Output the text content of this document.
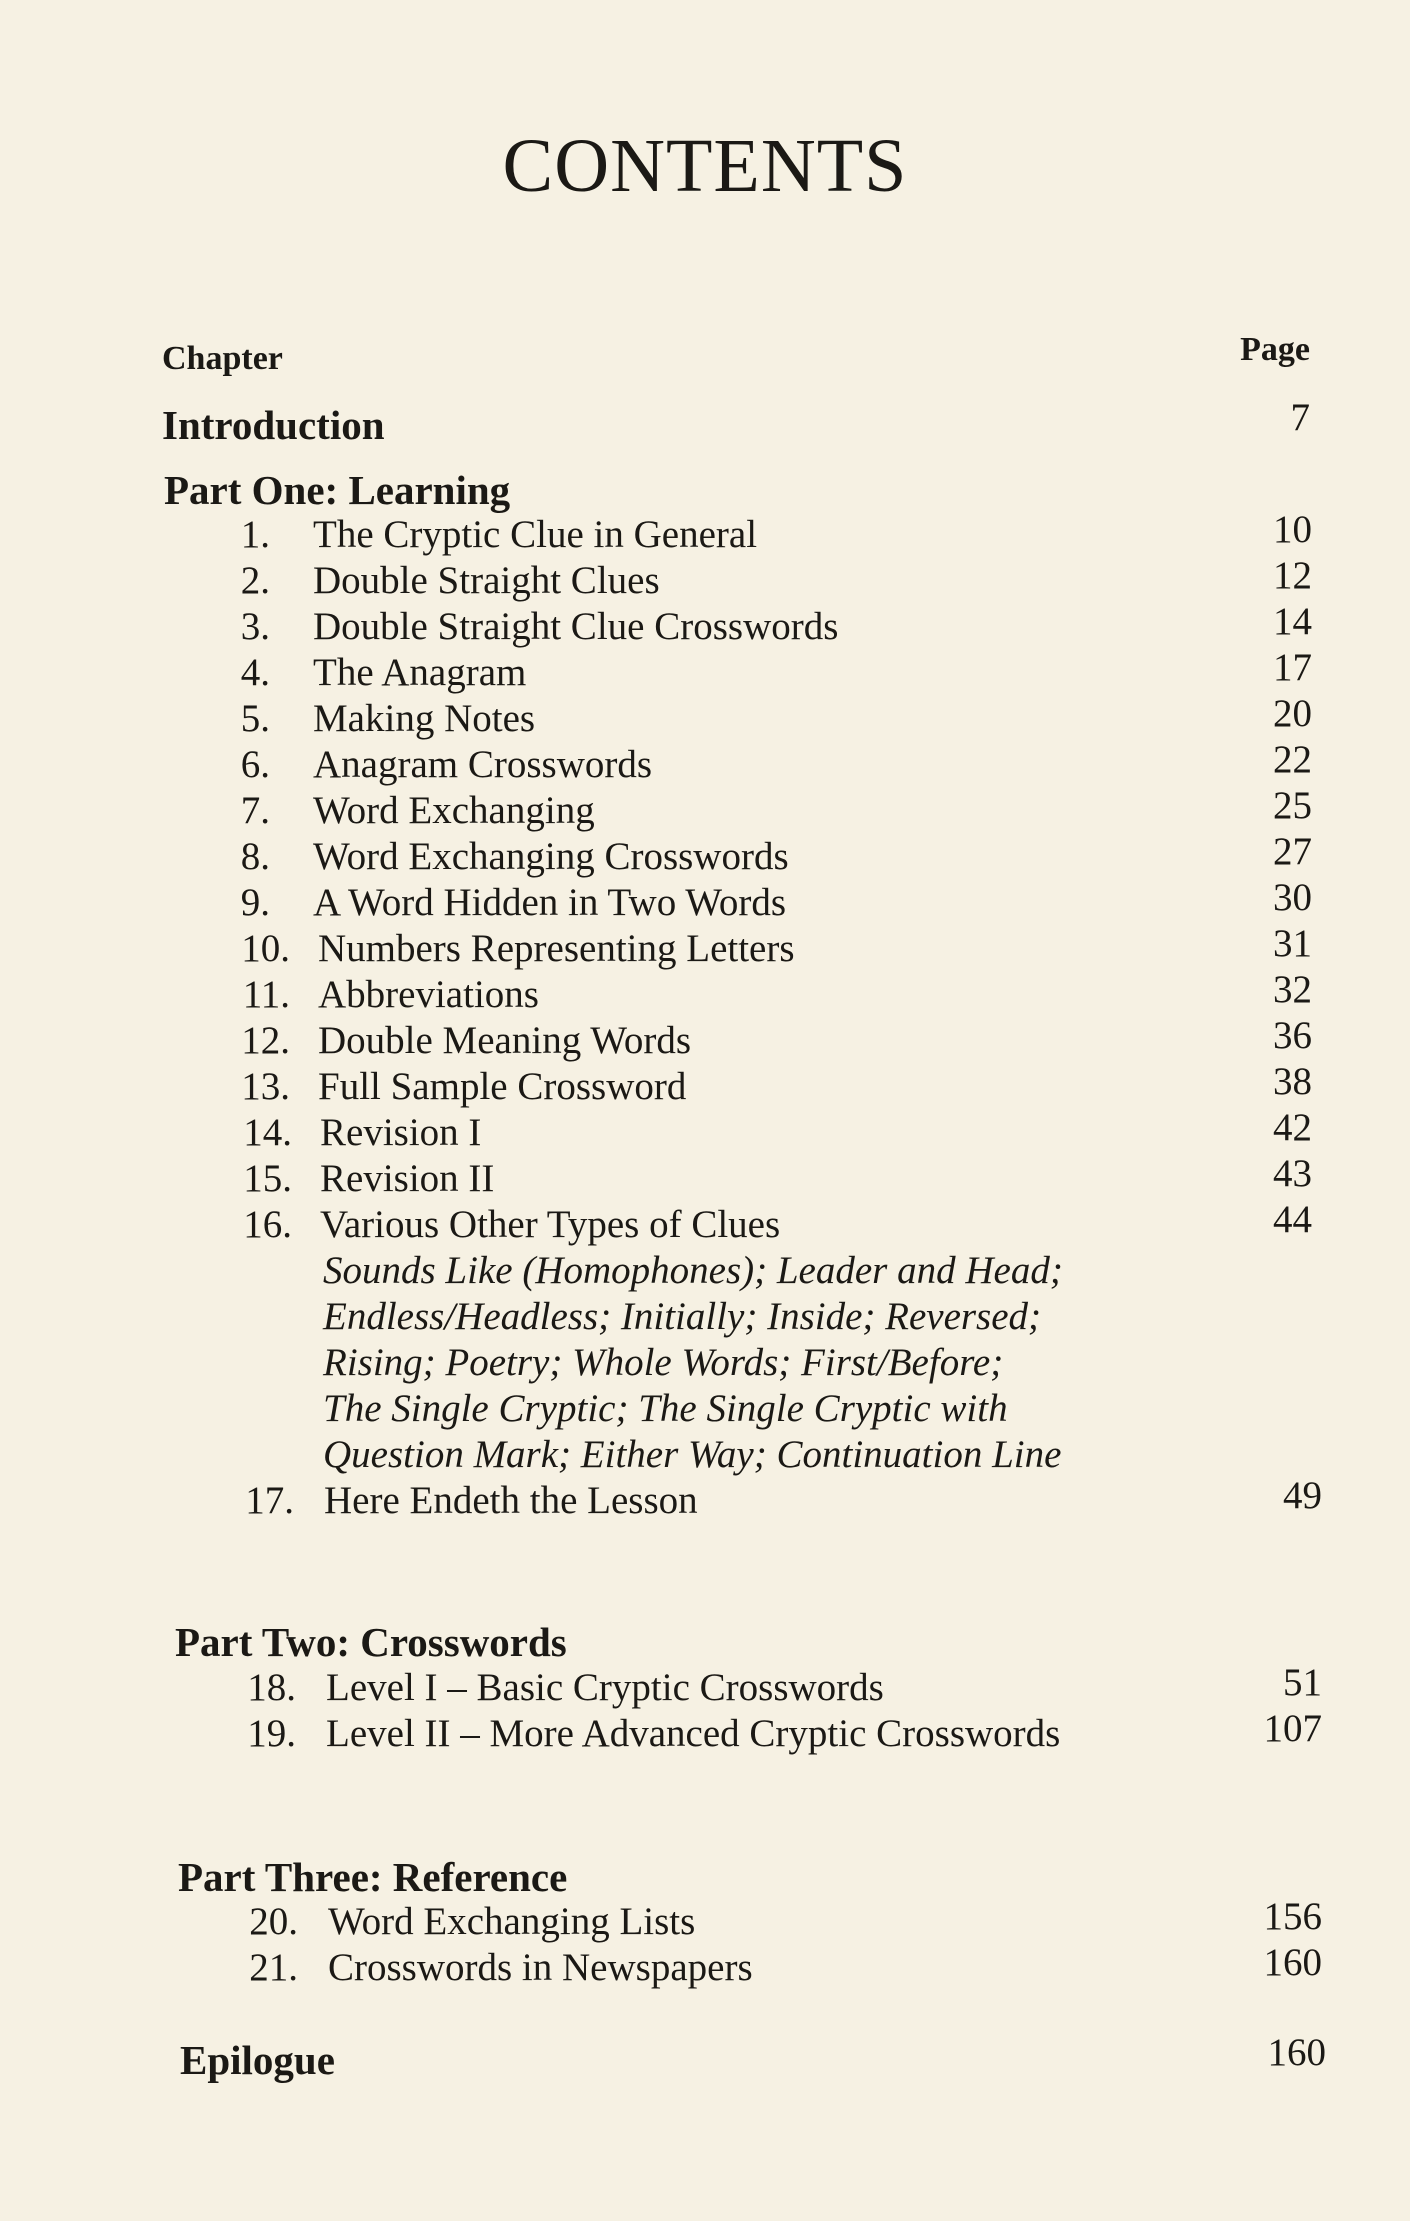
CONTENTS
Chapter	Page
Introduction	7
Part One: Learning
1. The Cryptic Clue in General	10
2. Double Straight Clues	12
3. Double Straight Clue Crosswords	14
4. The Anagram	17
5. Making Notes	20
6. Anagram Crosswords	22
7. Word Exchanging	25
8. Word Exchanging Crosswords	27
9. A Word Hidden in Two Words	30
10. Numbers Representing Letters	31
11. Abbreviations	32
12. Double Meaning Words	36
13. Full Sample Crossword	38
14. Revision I	42
15. Revision II	43
16. Various Other Types of Clues	44
Sounds Like (Homophones); Leader and Head;
Endless/Headless; Initially; Inside; Reversed;
Rising; Poetry; Whole Words; First/Before;
The Single Cryptic; The Single Cryptic with
Question Mark; Either Way; Continuation Line
17. Here Endeth the Lesson	49
Part Two: Crosswords
18. Level I – Basic Cryptic Crosswords	51
19. Level II – More Advanced Cryptic Crosswords	107
Part Three: Reference
20. Word Exchanging Lists	156
21. Crosswords in Newspapers	160
Epilogue	160
